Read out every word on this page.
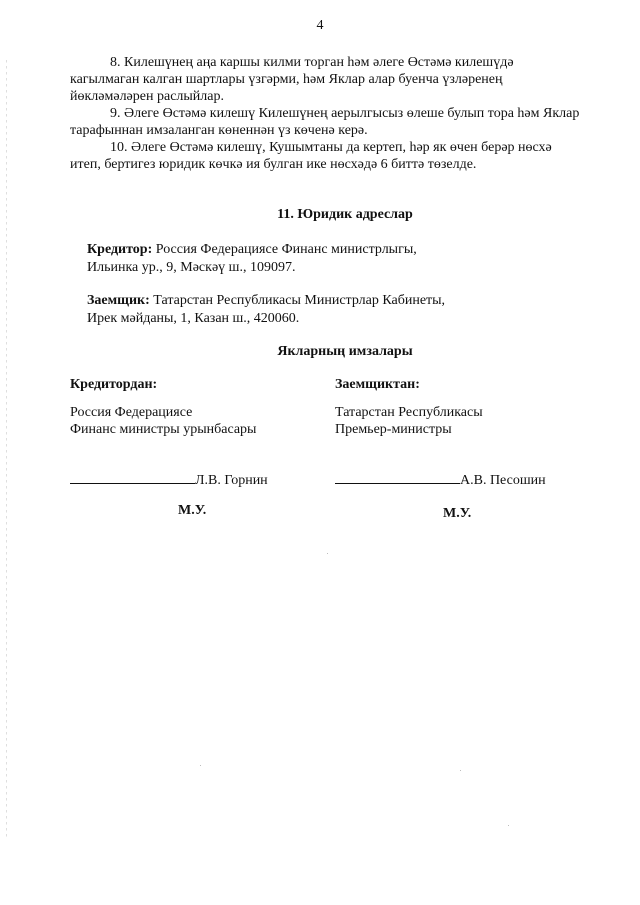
4
8. Килешүнең аңа каршы килми торган һәм әлеге Өстәмә килешүдә
кагылмаган калган шартлары үзгәрми, һәм Яклар алар буенча үзләренең
йөкләмәләрен раслыйлар.
9. Әлеге Өстәмә килешү Килешүнең аерылгысыз өлеше булып тора һәм Яклар
тарафыннан имзаланган көненнән үз көченә керә.
10. Әлеге Өстәмә килешү, Кушымтаны да кертеп, һәр як өчен берәр нөсхә
итеп, бертигез юридик көчкә ия булган ике нөсхәдә 6 биттә төзелде.
11. Юридик адреслар
Кредитор: Россия Федерациясе Финанс министрлыгы,
Ильинка ур., 9, Мәскәү ш., 109097.
Заемщик: Татарстан Республикасы Министрлар Кабинеты,
Ирек мәйданы, 1, Казан ш., 420060.
Якларның имзалары
Кредитордан:
Россия Федерациясе
Финанс министры урынбасары
Л.В. Горнин
М.У.
Заемщиктан:
Татарстан Республикасы
Премьер-министры
А.В. Песошин
М.У.
